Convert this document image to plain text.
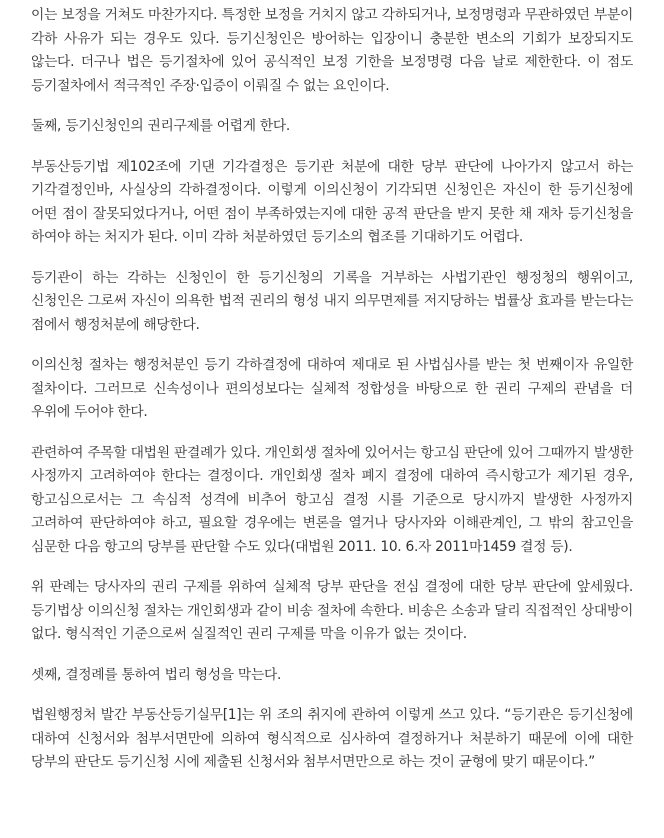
이는 보정을 거쳐도 마찬가지다. 특정한 보정을 거치지 않고 각하되거나, 보정명령과 무관하였던 부분이 각하 사유가 되는 경우도 있다. 등기신청인은 방어하는 입장이니 충분한 변소의 기회가 보장되지도 않는다. 더구나 법은 등기절차에 있어 공식적인 보정 기한을 보정명령 다음 날로 제한한다. 이 점도 등기절차에서 적극적인 주장·입증이 이뤄질 수 없는 요인이다.

둘째, 등기신청인의 권리구제를 어렵게 한다.

부동산등기법 제102조에 기댄 기각결정은 등기관 처분에 대한 당부 판단에 나아가지 않고서 하는 기각결정인바, 사실상의 각하결정이다. 이렇게 이의신청이 기각되면 신청인은 자신이 한 등기신청에 어떤 점이 잘못되었다거나, 어떤 점이 부족하였는지에 대한 공적 판단을 받지 못한 채 재차 등기신청을 하여야 하는 처지가 된다. 이미 각하 처분하였던 등기소의 협조를 기대하기도 어렵다.

등기관이 하는 각하는 신청인이 한 등기신청의 기록을 거부하는 사법기관인 행정청의 행위이고, 신청인은 그로써 자신이 의욕한 법적 권리의 형성 내지 의무면제를 저지당하는 법률상 효과를 받는다는 점에서 행정처분에 해당한다.

이의신청 절차는 행정처분인 등기 각하결정에 대하여 제대로 된 사법심사를 받는 첫 번째이자 유일한 절차이다. 그러므로 신속성이나 편의성보다는 실체적 정합성을 바탕으로 한 권리 구제의 관념을 더 우위에 두어야 한다.

관련하여 주목할 대법원 판결례가 있다. 개인회생 절차에 있어서는 항고심 판단에 있어 그때까지 발생한 사정까지 고려하여야 한다는 결정이다. 개인회생 절차 폐지 결정에 대하여 즉시항고가 제기된 경우, 항고심으로서는 그 속심적 성격에 비추어 항고심 결정 시를 기준으로 당시까지 발생한 사정까지 고려하여 판단하여야 하고, 필요할 경우에는 변론을 열거나 당사자와 이해관계인, 그 밖의 참고인을 심문한 다음 항고의 당부를 판단할 수도 있다(대법원 2011. 10. 6.자 2011마1459 결정 등).

위 판례는 당사자의 권리 구제를 위하여 실체적 당부 판단을 전심 결정에 대한 당부 판단에 앞세웠다. 등기법상 이의신청 절차는 개인회생과 같이 비송 절차에 속한다. 비송은 소송과 달리 직접적인 상대방이 없다. 형식적인 기준으로써 실질적인 권리 구제를 막을 이유가 없는 것이다.

셋째, 결정례를 통하여 법리 형성을 막는다.

법원행정처 발간 부동산등기실무[1]는 위 조의 취지에 관하여 이렇게 쓰고 있다. “등기관은 등기신청에 대하여 신청서와 첨부서면만에 의하여 형식적으로 심사하여 결정하거나 처분하기 때문에 이에 대한 당부의 판단도 등기신청 시에 제출된 신청서와 첨부서면만으로 하는 것이 균형에 맞기 때문이다.”
